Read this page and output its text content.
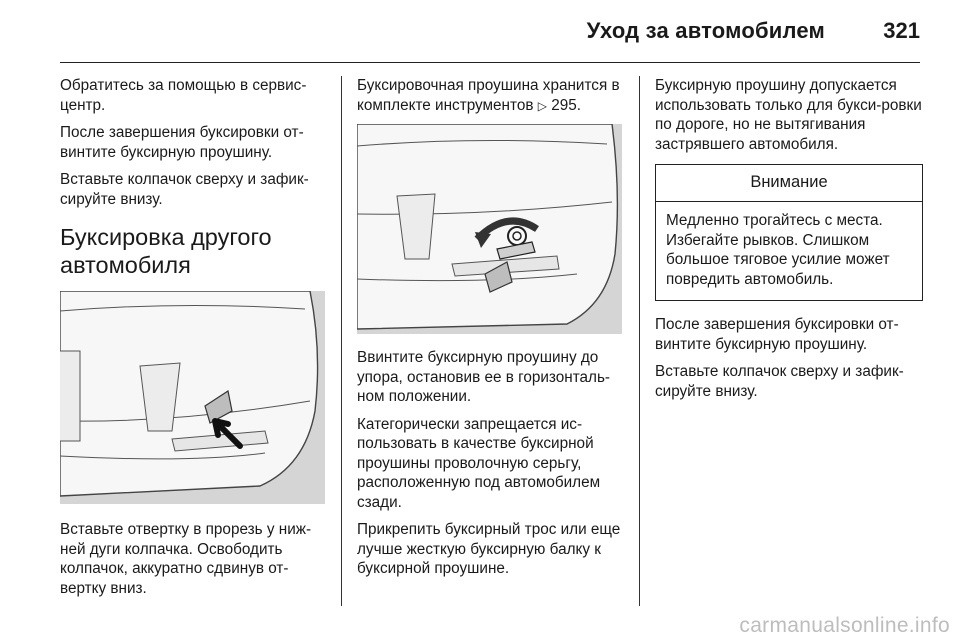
Уход за автомобилем	321

Обратитесь за помощью в сервис-центр.

После завершения буксировки от-винтите буксирную проушину.

Вставьте колпачок сверху и зафик-сируйте внизу.

Буксировка другого автомобиля

Вставьте отвертку в прорезь у ниж-ней дуги колпачка. Освободить колпачок, аккуратно сдвинув от-вертку вниз.

Буксировочная проушина хранится в комплекте инструментов ▷ 295.

Ввинтите буксирную проушину до упора, остановив ее в горизонталь-ном положении.

Категорически запрещается ис-пользовать в качестве буксирной проушины проволочную серьгу, расположенную под автомобилем сзади.

Прикрепить буксирный трос или еще лучше жесткую буксирную балку к буксирной проушине.

Буксирную проушину допускается использовать только для букси-ровки по дороге, но не вытягивания застрявшего автомобиля.

Внимание

Медленно трогайтесь с места. Избегайте рывков. Слишком большое тяговое усилие может повредить автомобиль.

После завершения буксировки от-винтите буксирную проушину.

Вставьте колпачок сверху и зафик-сируйте внизу.

carmanualsonline.info
